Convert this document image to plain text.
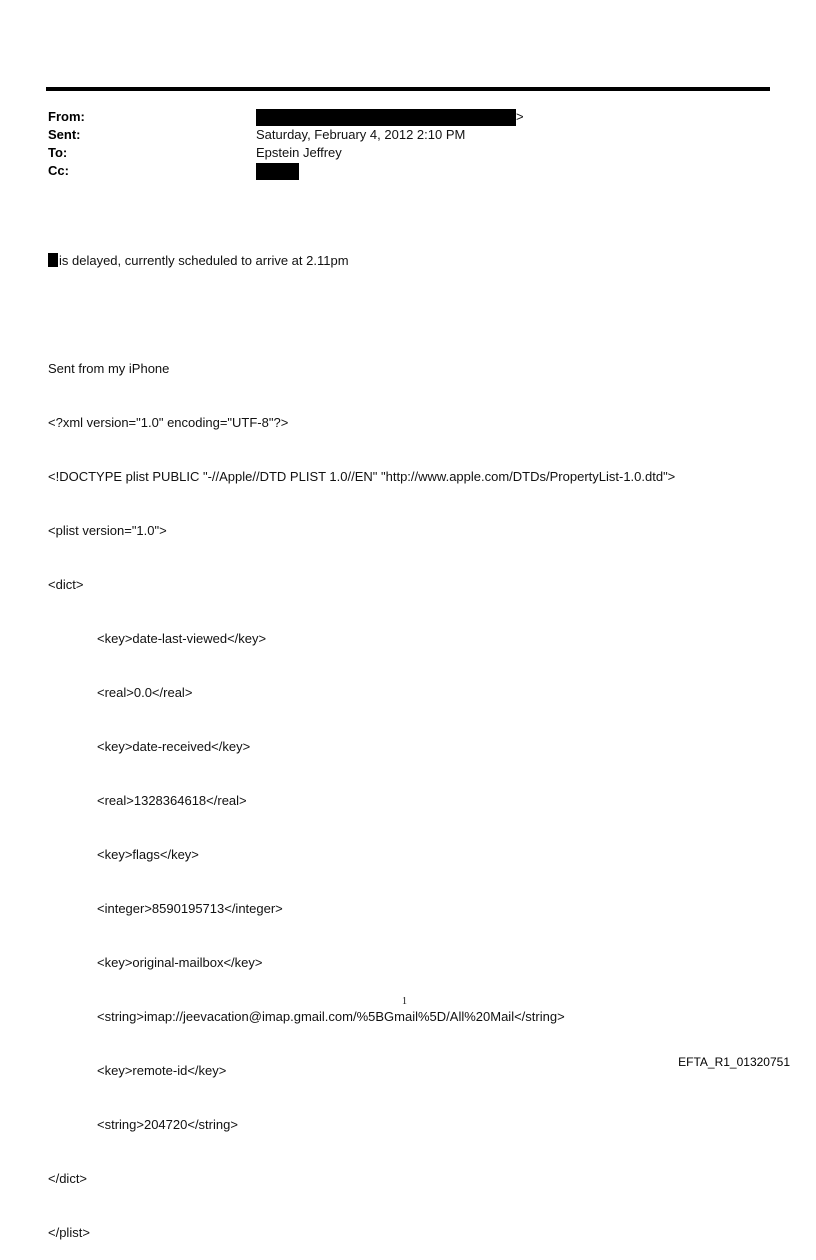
From:	>
Sent:	Saturday, February 4, 2012 2:10 PM
To:	Epstein Jeffrey
Cc:

is delayed, currently scheduled to arrive at 2.11pm

Sent from my iPhone

<?xml version="1.0" encoding="UTF-8"?>

<!DOCTYPE plist PUBLIC "-//Apple//DTD PLIST 1.0//EN" "http://www.apple.com/DTDs/PropertyList-1.0.dtd">

<plist version="1.0">

<dict>

<key>date-last-viewed</key>

<real>0.0</real>

<key>date-received</key>

<real>1328364618</real>

<key>flags</key>

<integer>8590195713</integer>

<key>original-mailbox</key>

<string>imap://jeevacation@imap.gmail.com/%5BGmail%5D/All%20Mail</string>

<key>remote-id</key>

<string>204720</string>

</dict>

</plist>

1
EFTA_R1_01320751
